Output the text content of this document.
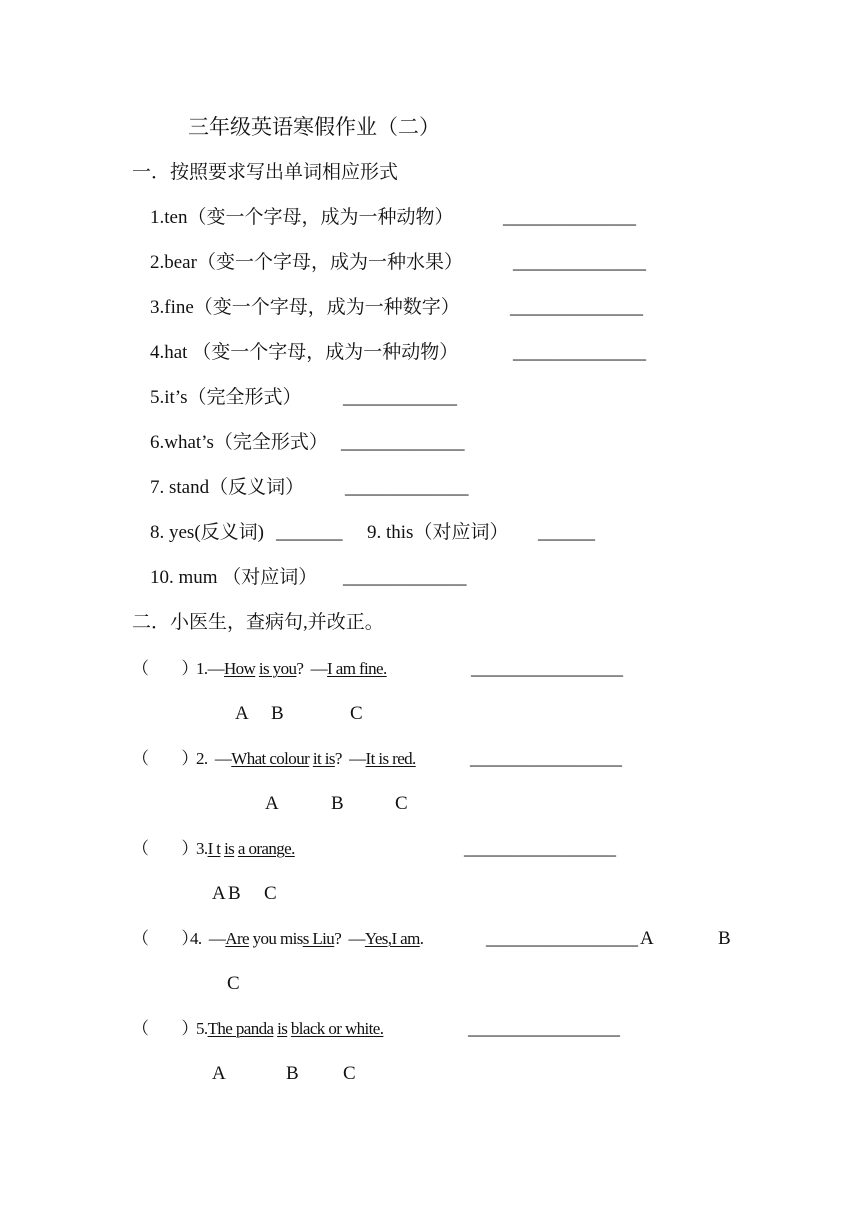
三年级英语寒假作业（二）
一．按照要求写出单词相应形式
1.ten（变一个字母，成为一种动物）	______________
2.bear（变一个字母，成为一种水果）	______________
3.fine（变一个字母，成为一种数字）	______________
4.hat （变一个字母，成为一种动物）	______________
5.it’s（完全形式） ____________
6.what’s（完全形式） _____________
7. stand（反义词） _____________
8. yes(反义词) _______ 9. this（对应词） ______
10. mum （对应词） _____________
二．小医生，查病句,并改正。
（      ）
1.—How is you?  —I am fine.	________________
A B	C
（      ）
2.  —What colour it is?  —It is red.	________________
A	B	C
（      ）
3.I t is a orange.	________________
A B C
（      ）
4.  —Are you miss Liu?  —Yes,I am.	________________ A	B
C
（      ）
5.The panda is black or white.	________________
A	B C
